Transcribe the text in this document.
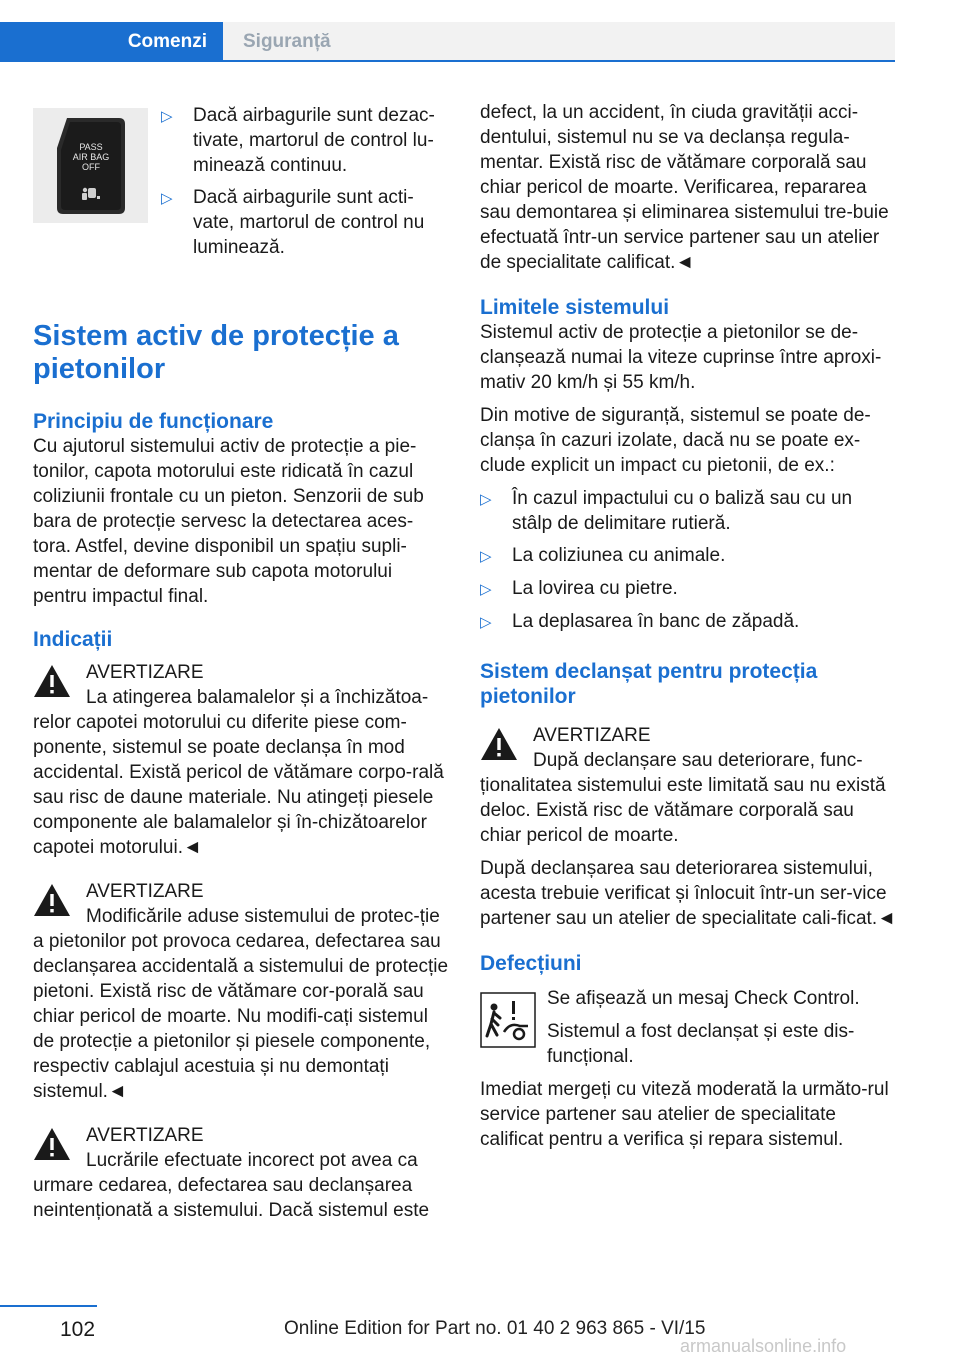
Comenzi	Siguranță
PASS
AIR BAG
OFF
▷	Dacă airbagurile sunt dezac-tivate, martorul de control lu-minează continuu.
▷	Dacă airbagurile sunt acti-vate, martorul de control nu luminează.
Sistem activ de protecție a pietonilor
Principiu de funcționare

Cu ajutorul sistemului activ de protecție a pie-tonilor, capota motorului este ridicată în cazul coliziunii frontale cu un pieton. Senzorii de sub bara de protecție servesc la detectarea aces-tora. Astfel, devine disponibil un spațiu supli-mentar de deformare sub capota motorului pentru impactul final.

Indicații
AVERTIZARE
La atingerea balamalelor și a închizătoa-relor capotei motorului cu diferite piese com-ponente, sistemul se poate declanșa în mod accidental. Există pericol de vătămare corpo-rală sau risc de daune materiale. Nu atingeți piesele componente ale balamalelor și în-chizătoarelor capotei motorului.◄
AVERTIZARE
Modificările aduse sistemului de protec-ție a pietonilor pot provoca cedarea, defectarea sau declanșarea accidentală a sistemului de protecție pietoni. Există risc de vătămare cor-porală sau chiar pericol de moarte. Nu modifi-cați sistemul de protecție a pietonilor și piesele componente, respectiv cablajul acestuia și nu demontați sistemul.◄
AVERTIZARE
Lucrările efectuate incorect pot avea ca urmare cedarea, defectarea sau declanșarea neintenționată a sistemului. Dacă sistemul este

defect, la un accident, în ciuda gravității acci-dentului, sistemul nu se va declanșa regula-mentar. Există risc de vătămare corporală sau chiar pericol de moarte. Verificarea, repararea sau demontarea și eliminarea sistemului tre-buie efectuată într-un service partener sau un atelier de specialitate calificat.◄

Limitele sistemului

Sistemul activ de protecție a pietonilor se de-clanșează numai la viteze cuprinse între aproxi-mativ 20 km/h și 55 km/h.

Din motive de siguranță, sistemul se poate de-clanșa în cazuri izolate, dacă nu se poate ex-clude explicit un impact cu pietonii, de ex.:

▷	În cazul impactului cu o baliză sau cu un stâlp de delimitare rutieră.
▷	La coliziunea cu animale.
▷	La lovirea cu pietre.
▷	La deplasarea în banc de zăpadă.
Sistem declanșat pentru protecția pietonilor
AVERTIZARE
După declanșare sau deteriorare, func-ționalitatea sistemului este limitată sau nu există deloc. Există risc de vătămare corporală sau chiar pericol de moarte.

După declanșarea sau deteriorarea sistemului, acesta trebuie verificat și înlocuit într-un ser-vice partener sau un atelier de specialitate cali-ficat.◄

Defecțiuni

Se afișează un mesaj Check Control.

Sistemul a fost declanșat și este dis-funcțional.

Imediat mergeți cu viteză moderată la următo-rul service partener sau atelier de specialitate calificat pentru a verifica și repara sistemul.

102	Online Edition for Part no. 01 40 2 963 865 - VI/15
armanualsonline.info
